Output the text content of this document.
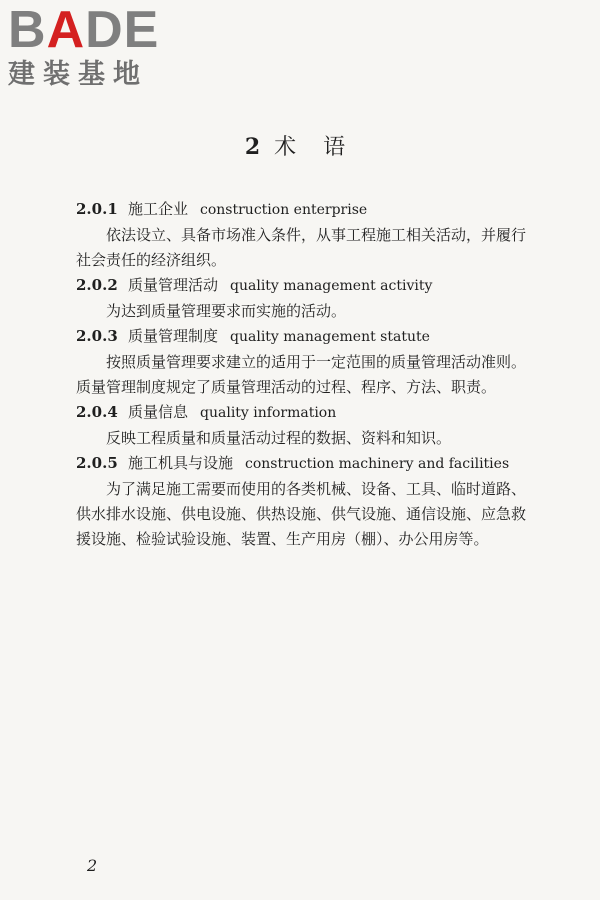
BADE
建装基地
2 术 语
2.0.1 施工企业 construction enterprise

依法设立、具备市场准入条件，从事工程施工相关活动，并履行社会责任的经济组织。

2.0.2 质量管理活动 quality management activity

为达到质量管理要求而实施的活动。

2.0.3 质量管理制度 quality management statute

按照质量管理要求建立的适用于一定范围的质量管理活动准则。质量管理制度规定了质量管理活动的过程、程序、方法、职责。

2.0.4 质量信息 quality information

反映工程质量和质量活动过程的数据、资料和知识。

2.0.5 施工机具与设施 construction machinery and facilities

为了满足施工需要而使用的各类机械、设备、工具、临时道路、供水排水设施、供电设施、供热设施、供气设施、通信设施、应急救援设施、检验试验设施、装置、生产用房（棚）、办公用房等。

2
